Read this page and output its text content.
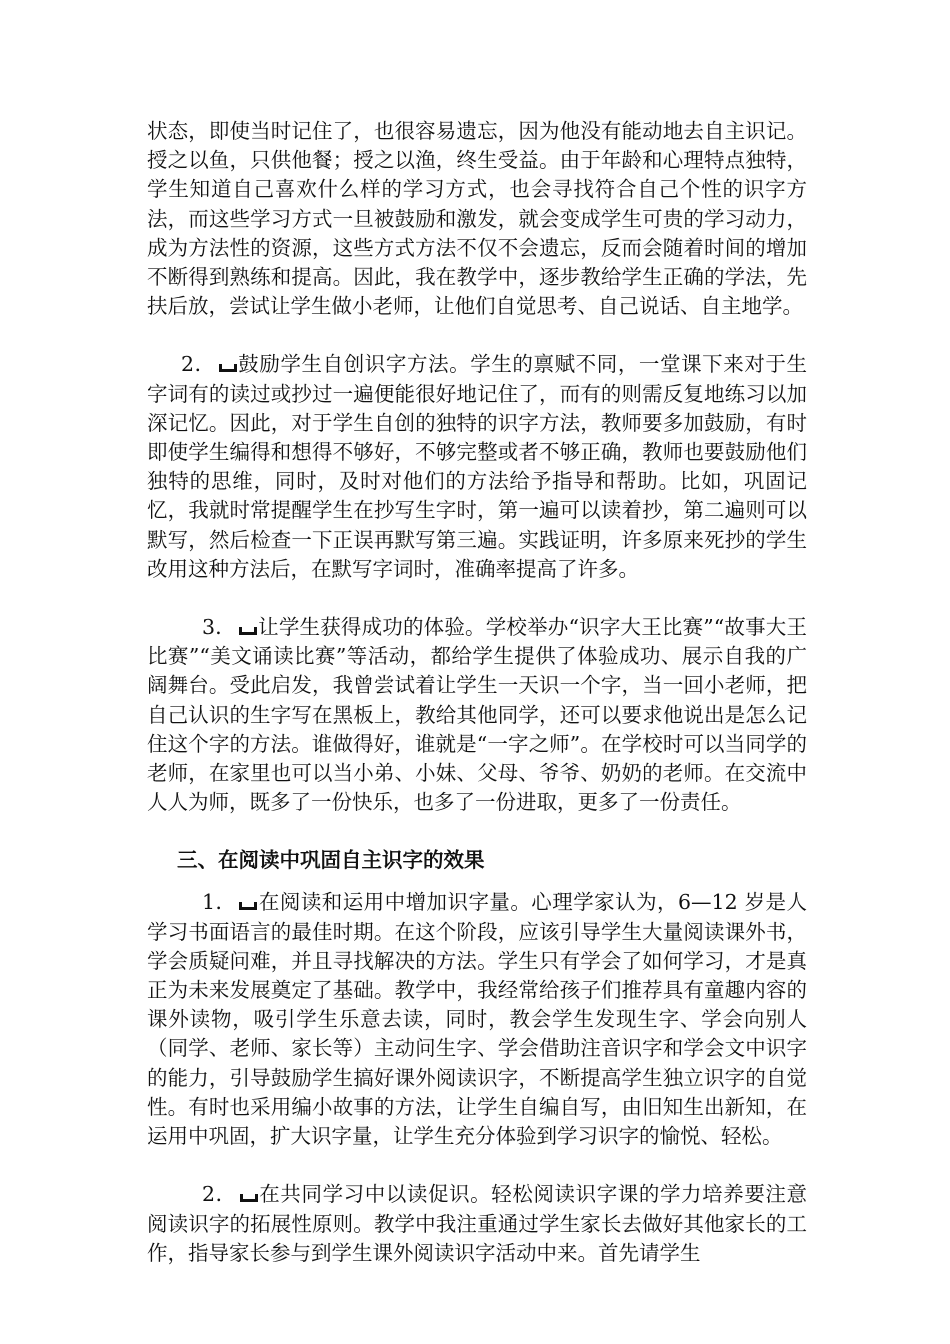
状态，即使当时记住了，也很容易遗忘，因为他没有能动地去自主识记。授之以鱼，只供他餐；授之以渔，终生受益。由于年龄和心理特点独特，学生知道自己喜欢什么样的学习方式，也会寻找符合自己个性的识字方法，而这些学习方式一旦被鼓励和激发，就会变成学生可贵的学习动力，成为方法性的资源，这些方式方法不仅不会遗忘，反而会随着时间的增加不断得到熟练和提高。因此，我在教学中，逐步教给学生正确的学法，先扶后放，尝试让学生做小老师，让他们自觉思考、自己说话、自主地学。

2． 鼓励学生自创识字方法。学生的禀赋不同，一堂课下来对于生字词有的读过或抄过一遍便能很好地记住了，而有的则需反复地练习以加深记忆。因此，对于学生自创的独特的识字方法，教师要多加鼓励，有时即使学生编得和想得不够好，不够完整或者不够正确，教师也要鼓励他们独特的思维，同时，及时对他们的方法给予指导和帮助。比如，巩固记忆，我就时常提醒学生在抄写生字时，第一遍可以读着抄，第二遍则可以默写，然后检查一下正误再默写第三遍。实践证明，许多原来死抄的学生改用这种方法后，在默写字词时，准确率提高了许多。

3． 让学生获得成功的体验。学校举办“识字大王比赛”“故事大王比赛”“美文诵读比赛”等活动，都给学生提供了体验成功、展示自我的广阔舞台。受此启发，我曾尝试着让学生一天识一个字，当一回小老师，把自己认识的生字写在黑板上，教给其他同学，还可以要求他说出是怎么记住这个字的方法。谁做得好，谁就是“一字之师”。在学校时可以当同学的老师，在家里也可以当小弟、小妹、父母、爷爷、奶奶的老师。在交流中人人为师，既多了一份快乐，也多了一份进取，更多了一份责任。

三、在阅读中巩固自主识字的效果

1． 在阅读和运用中增加识字量。心理学家认为，6—12 岁是人学习书面语言的最佳时期。在这个阶段，应该引导学生大量阅读课外书，学会质疑问难，并且寻找解决的方法。学生只有学会了如何学习，才是真正为未来发展奠定了基础。教学中，我经常给孩子们推荐具有童趣内容的课外读物，吸引学生乐意去读，同时，教会学生发现生字、学会向别人（同学、老师、家长等）主动问生字、学会借助注音识字和学会文中识字的能力，引导鼓励学生搞好课外阅读识字，不断提高学生独立识字的自觉性。有时也采用编小故事的方法，让学生自编自写，由旧知生出新知，在运用中巩固，扩大识字量，让学生充分体验到学习识字的愉悦、轻松。

2． 在共同学习中以读促识。轻松阅读识字课的学力培养要注意阅读识字的拓展性原则。教学中我注重通过学生家长去做好其他家长的工作，指导家长参与到学生课外阅读识字活动中来。首先请学生
